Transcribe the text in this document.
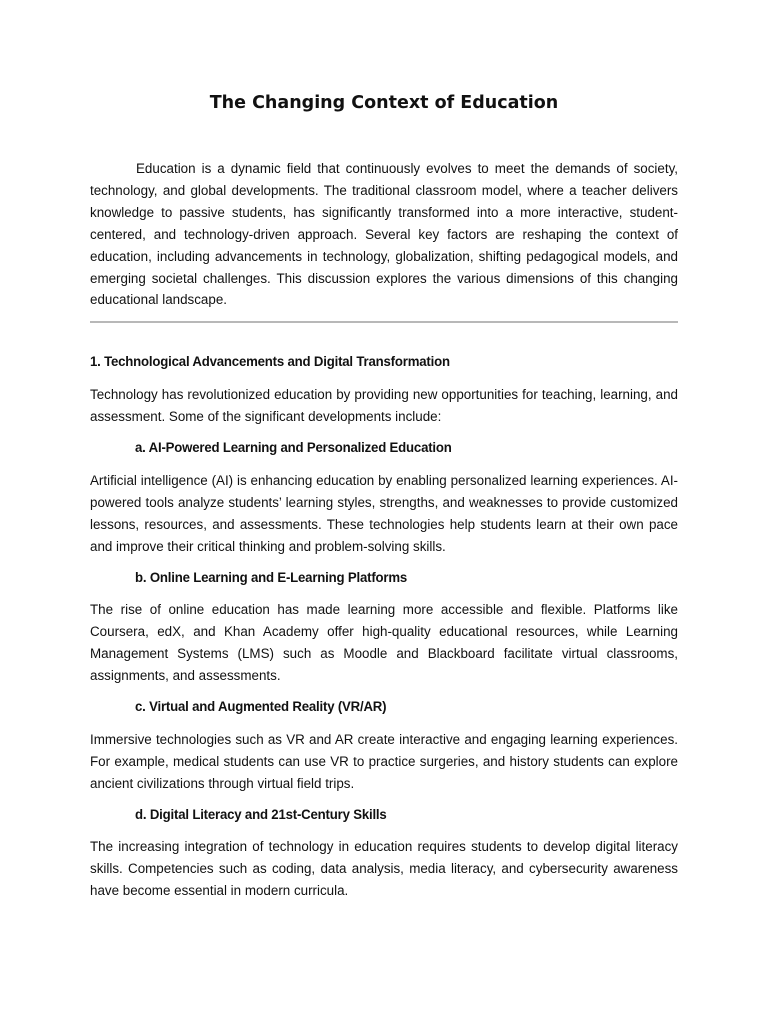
The Changing Context of Education

Education is a dynamic field that continuously evolves to meet the demands of society, technology, and global developments. The traditional classroom model, where a teacher delivers knowledge to passive students, has significantly transformed into a more interactive, student-centered, and technology-driven approach. Several key factors are reshaping the context of education, including advancements in technology, globalization, shifting pedagogical models, and emerging societal challenges. This discussion explores the various dimensions of this changing educational landscape.

1. Technological Advancements and Digital Transformation

Technology has revolutionized education by providing new opportunities for teaching, learning, and assessment. Some of the significant developments include:

a. AI-Powered Learning and Personalized Education

Artificial intelligence (AI) is enhancing education by enabling personalized learning experiences. AI-powered tools analyze students’ learning styles, strengths, and weaknesses to provide customized lessons, resources, and assessments. These technologies help students learn at their own pace and improve their critical thinking and problem-solving skills.

b. Online Learning and E-Learning Platforms

The rise of online education has made learning more accessible and flexible. Platforms like Coursera, edX, and Khan Academy offer high-quality educational resources, while Learning Management Systems (LMS) such as Moodle and Blackboard facilitate virtual classrooms, assignments, and assessments.

c. Virtual and Augmented Reality (VR/AR)

Immersive technologies such as VR and AR create interactive and engaging learning experiences. For example, medical students can use VR to practice surgeries, and history students can explore ancient civilizations through virtual field trips.

d. Digital Literacy and 21st-Century Skills

The increasing integration of technology in education requires students to develop digital literacy skills. Competencies such as coding, data analysis, media literacy, and cybersecurity awareness have become essential in modern curricula.
